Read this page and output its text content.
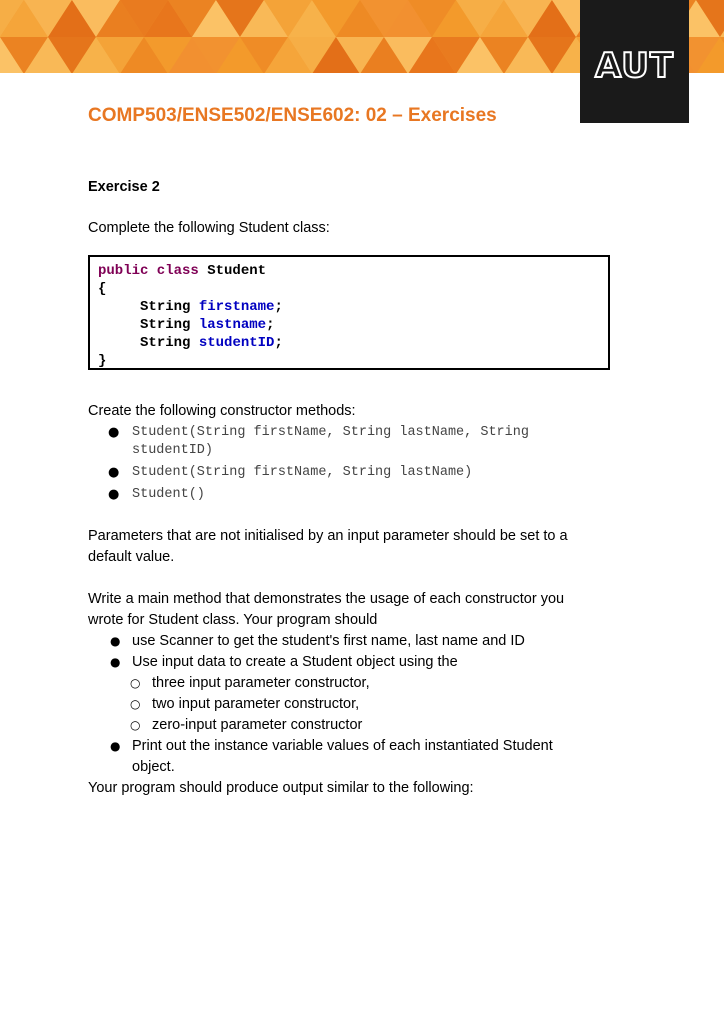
AUT
COMP503/ENSE502/ENSE602: 02 – Exercises
Exercise 2
Complete the following Student class:
public class Student
{
String firstname;
String lastname;
String studentID;
}
Create the following constructor methods:
● Student(String firstName, String lastName, String studentID)
● Student(String firstName, String lastName)
● Student()
Parameters that are not initialised by an input parameter should be set to a
default value.
Write a main method that demonstrates the usage of each constructor you
wrote for Student class. Your program should
● use Scanner to get the student's first name, last name and ID
● Use input data to create a Student object using the
○ three input parameter constructor,
○ two input parameter constructor,
○ zero-input parameter constructor
● Print out the instance variable values of each instantiated Student
object.
Your program should produce output similar to the following:
